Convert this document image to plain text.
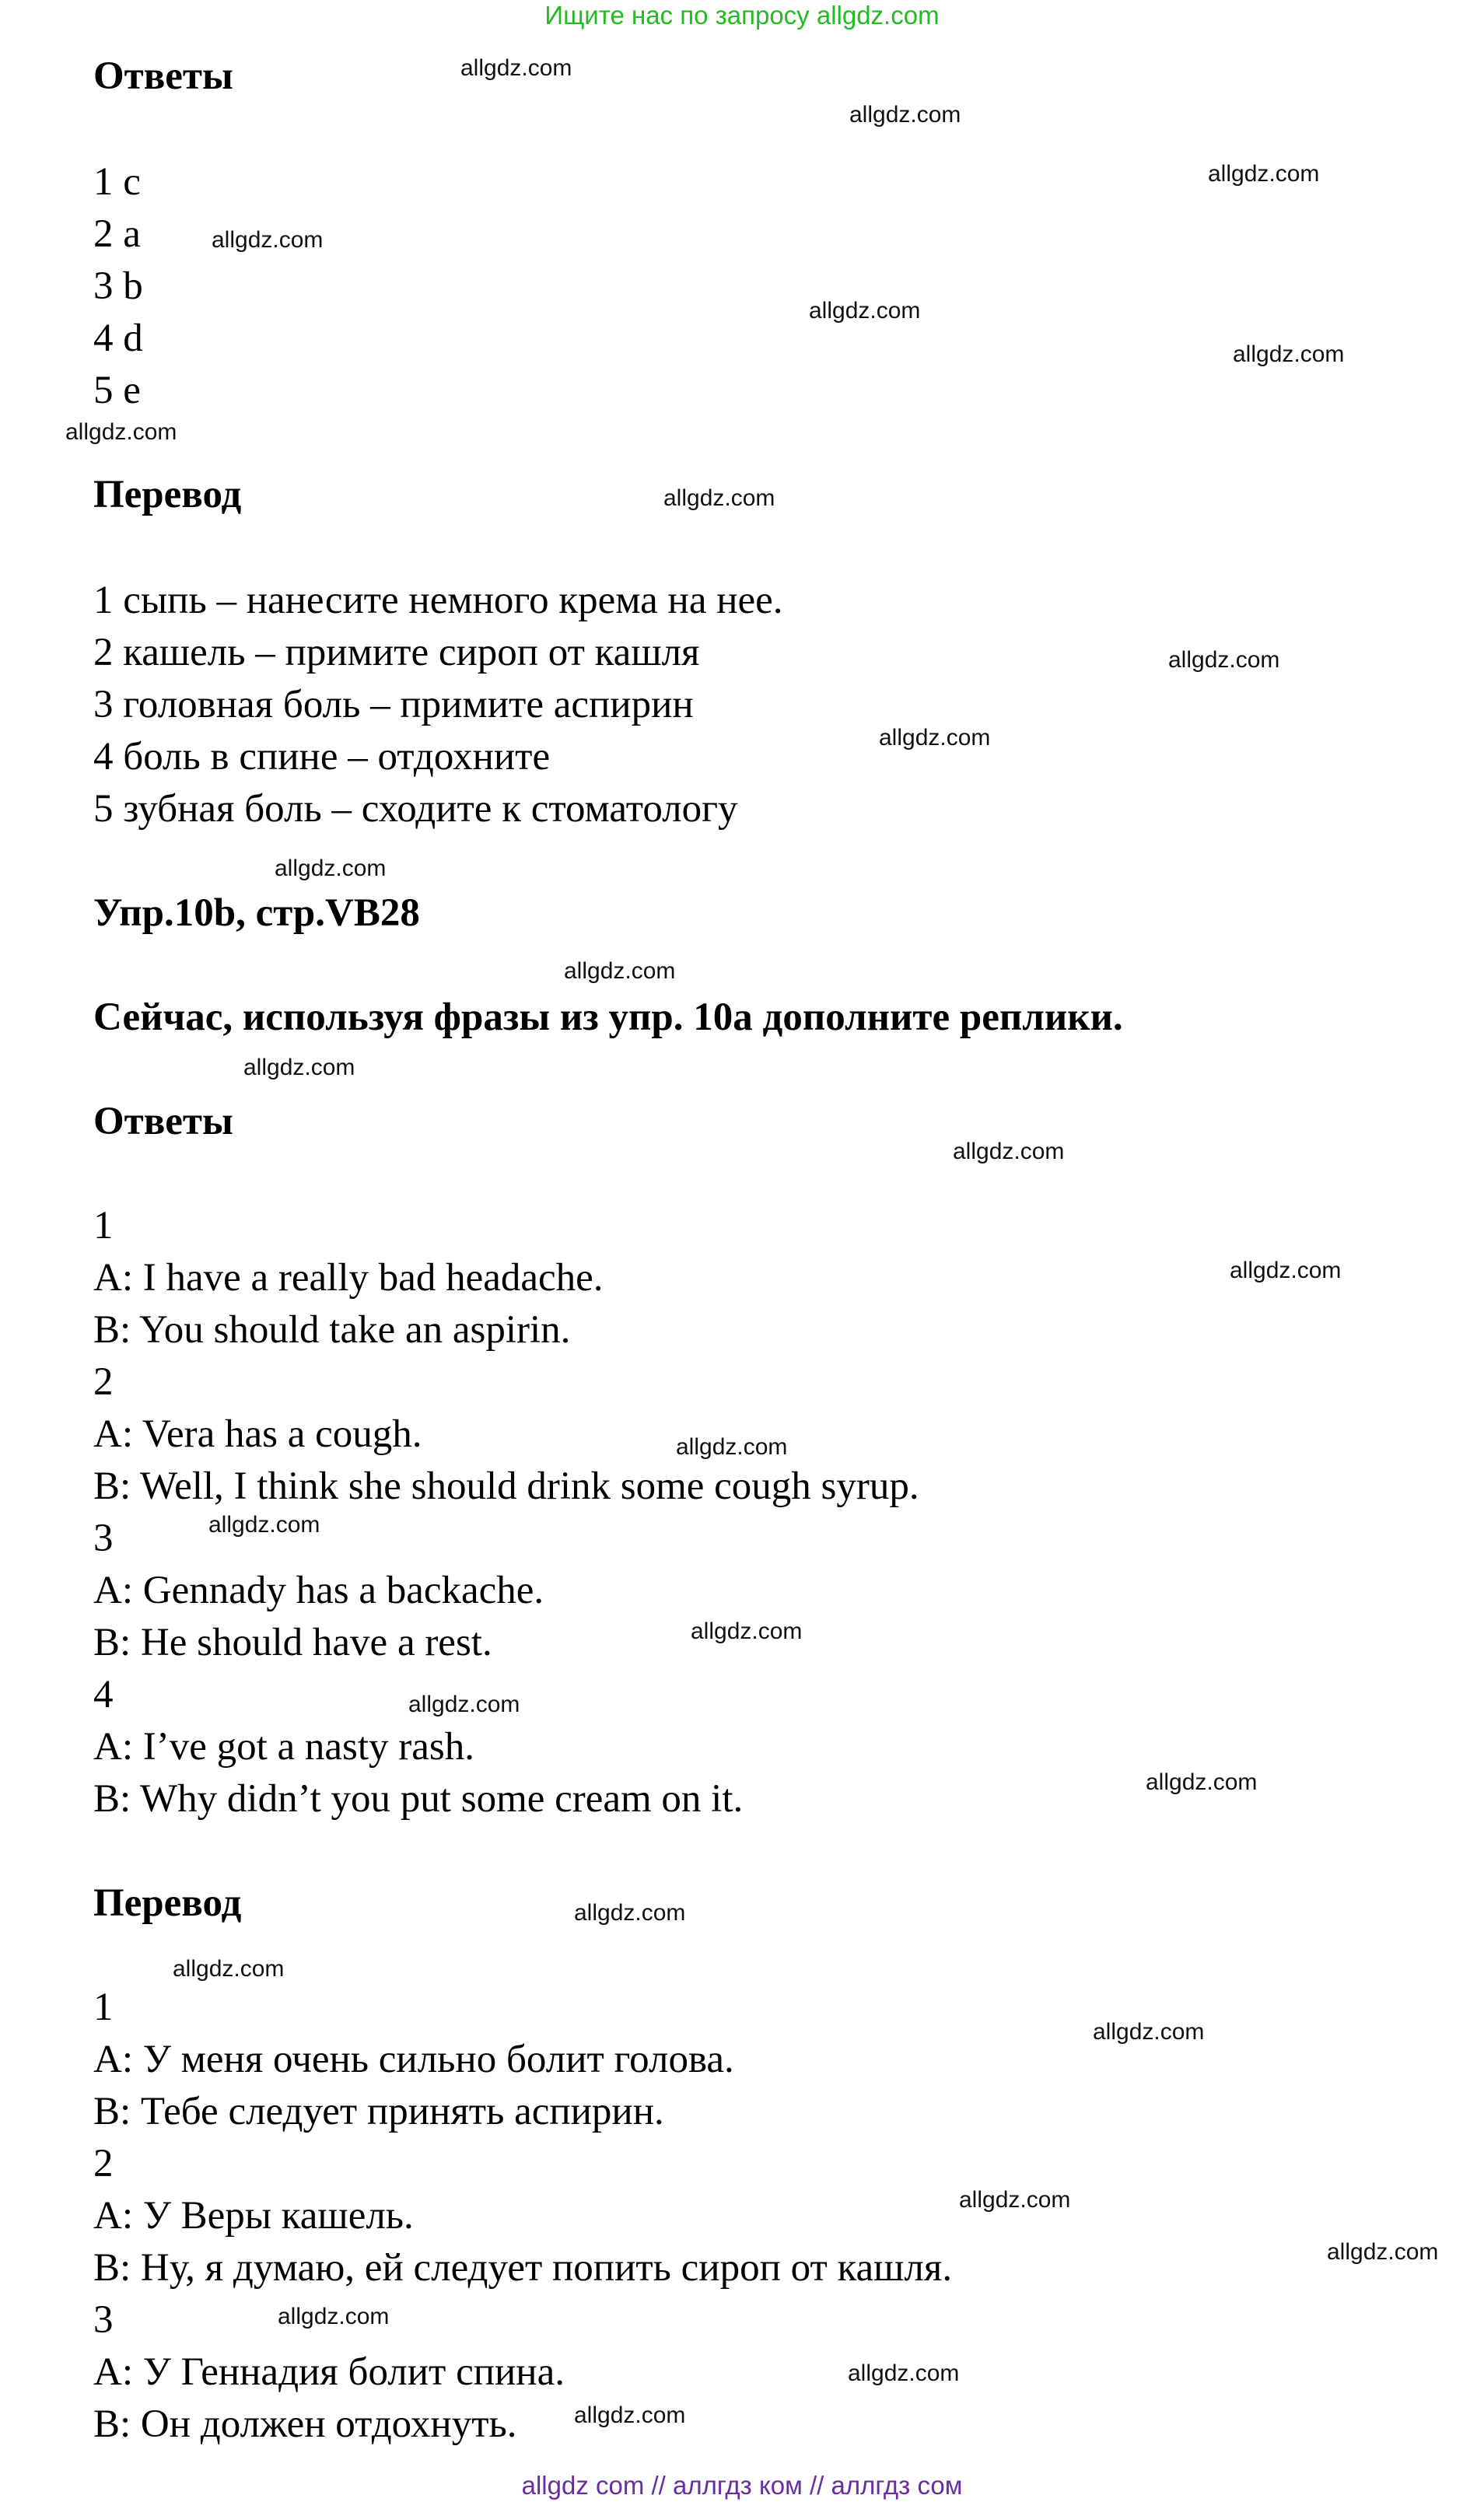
Ищите нас по запросу allgdz.com
Ответы
1 c
2 a
3 b
4 d
5 e
Перевод
1 сыпь – нанесите немного крема на нее.
2 кашель – примите сироп от кашля
3 головная боль – примите аспирин
4 боль в спине – отдохните
5 зубная боль – сходите к стоматологу
Упр.10b, стр.VB28
Сейчас, используя фразы из упр. 10а дополните реплики.
Ответы
1
A: I have a really bad headache.
B: You should take an aspirin.
2
A: Vera has a cough.
B: Well, I think she should drink some cough syrup.
3
A: Gennady has a backache.
B: He should have a rest.
4
A: I’ve got a nasty rash.
B: Why didn’t you put some cream on it.
Перевод
1
A: У меня очень сильно болит голова.
B: Тебе следует принять аспирин.
2
A: У Веры кашель.
B: Ну, я думаю, ей следует попить сироп от кашля.
3
A: У Геннадия болит спина.
B: Он должен отдохнуть.
allgdz.com
allgdz.com
allgdz.com
allgdz.com
allgdz.com
allgdz.com
allgdz.com
allgdz.com
allgdz.com
allgdz.com
allgdz.com
allgdz.com
allgdz.com
allgdz.com
allgdz.com
allgdz.com
allgdz.com
allgdz.com
allgdz.com
allgdz.com
allgdz.com
allgdz.com
allgdz.com
allgdz.com
allgdz.com
allgdz.com
allgdz.com
allgdz.com
allgdz com // аллгдз ком // аллгдз сом
